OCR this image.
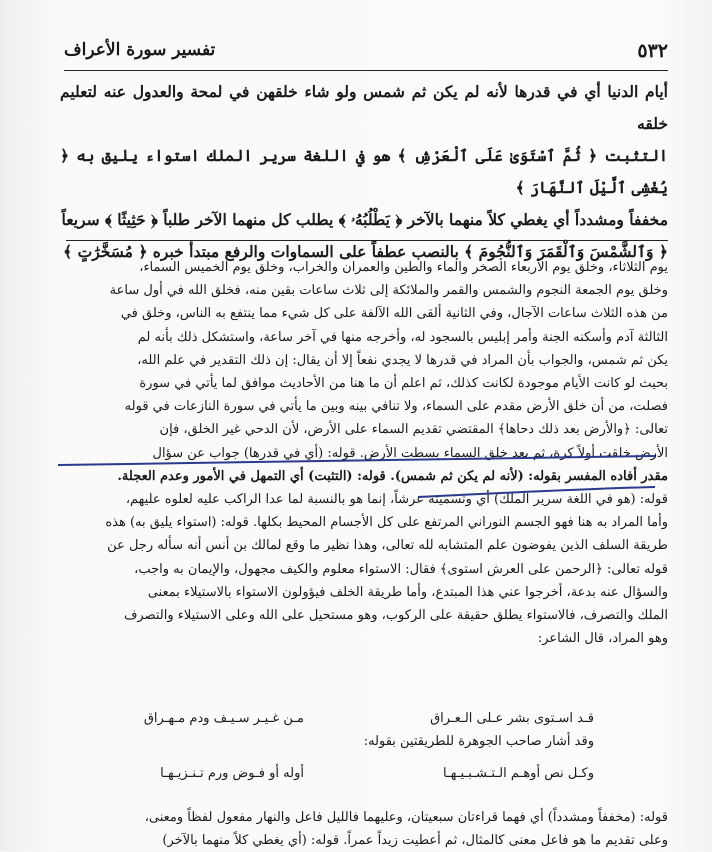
٥٣٢
تفسير سورة الأعراف

أيام الدنيا أي في قدرها لأنه لم يكن ثم شمس ولو شاء خلقهن في لمحة والعدول عنه لتعليم خلقه

التثبت ﴿ ثُمَّ ٱسْتَوَىٰ عَلَى ٱلْعَرْشِ ﴾ هو في اللغة سرير الملك استواء يليق به ﴿ يُغْشِى ٱلَّيْلَ ٱلنَّهَارَ ﴾

مخففاً ومشدداً أي يغطي كلاً منهما بالآخر ﴿ يَطْلُبُهُۥ ﴾ يطلب كل منهما الآخر طلباً ﴿ حَثِيثًا ﴾ سريعاً

﴿ وَٱلشَّمْسَ وَٱلْقَمَرَ وَٱلنُّجُومَ ﴾ بالنصب عطفاً على السماوات والرفع مبتدأ خبره ﴿ مُسَخَّرَٰتٍ ﴾

يوم الثلاثاء، وخلق يوم الأربعاء الصخر والماء والطين والعمران والخراب، وخلق يوم الخميس السماء،

وخلق يوم الجمعة النجوم والشمس والقمر والملائكة إلى ثلاث ساعات بقين منه، فخلق الله في أول ساعة

من هذه الثلاث ساعات الآجال، وفي الثانية ألقى الله الآلفة على كل شيء مما ينتفع به الناس، وخلق في

الثالثة آدم وأسكنه الجنة وأمر إبليس بالسجود له، وأخرجه منها في آخر ساعة، واستشكل ذلك بأنه لم

يكن ثم شمس، والجواب بأن المراد في قدرها لا يجدي نفعاً إلا أن يقال: إن ذلك التقدير في علم الله،

بحيث لو كانت الأيام موجودة لكانت كذلك، ثم اعلم أن ما هنا من الأحاديث موافق لما يأتي في سورة

فصلت، من أن خلق الأرض مقدم على السماء، ولا تنافي بينه وبين ما يأتي في سورة النازعات في قوله

تعالى: ﴿والأرض بعد ذلك دحاها﴾ المقتضي تقديم السماء على الأرض، لأن الدحي غير الخلق، فإن

الأرض خلقت أولاً كرة، ثم بعد خلق السماء بسطت الأرض. قوله: (أي في قدرها) جواب عن سؤال

مقدر أفاده المفسر بقوله: (لأنه لم يكن ثم شمس). قوله: (التثبت) أي التمهل في الأمور وعدم العجلة.

قوله: (هو في اللغة سرير الملك) أي وتسميته عرشاً، إنما هو بالنسبة لما عدا الراكب عليه لعلوه عليهم،

وأما المراد به هنا فهو الجسم النوراني المرتفع على كل الأجسام المحيط بكلها. قوله: (استواء يليق به) هذه

طريقة السلف الذين يفوضون علم المتشابه لله تعالى، وهذا نظير ما وقع لمالك بن أنس أنه سأله رجل عن

قوله تعالى: ﴿الرحمن على العرش استوى﴾ فقال: الاستواء معلوم والكيف مجهول، والإيمان به واجب،

والسؤال عنه بدعة، أخرجوا عني هذا المبتدع، وأما طريقة الخلف فيؤولون الاستواء بالاستيلاء بمعنى

الملك والتصرف، فالاستواء يطلق حقيقة على الركوب، وهو مستحيل على الله وعلى الاستيلاء والتصرف

وهو المراد، قال الشاعر:

قـد اسـتوى بشر عـلى الـعـراق
مـن غـيـر سـيـف ودم مـهـراق
وقد أشار صاحب الجوهرة للطريقتين بقوله:
وكـل نص أوهـم الـتـشـبـيـهـا
أوله أو فـوض ورم تـنـزيـهـا

قوله: (مخففاً ومشدداً) أي فهما قراءتان سبعيتان، وعليهما فالليل فاعل والنهار مفعول لفظاً ومعنى،

وعلى تقديم ما هو فاعل معنى كالمثال، ثم أعطيت زيداً عمراً. قوله: (أي يغطي كلاً منهما بالآخر)
